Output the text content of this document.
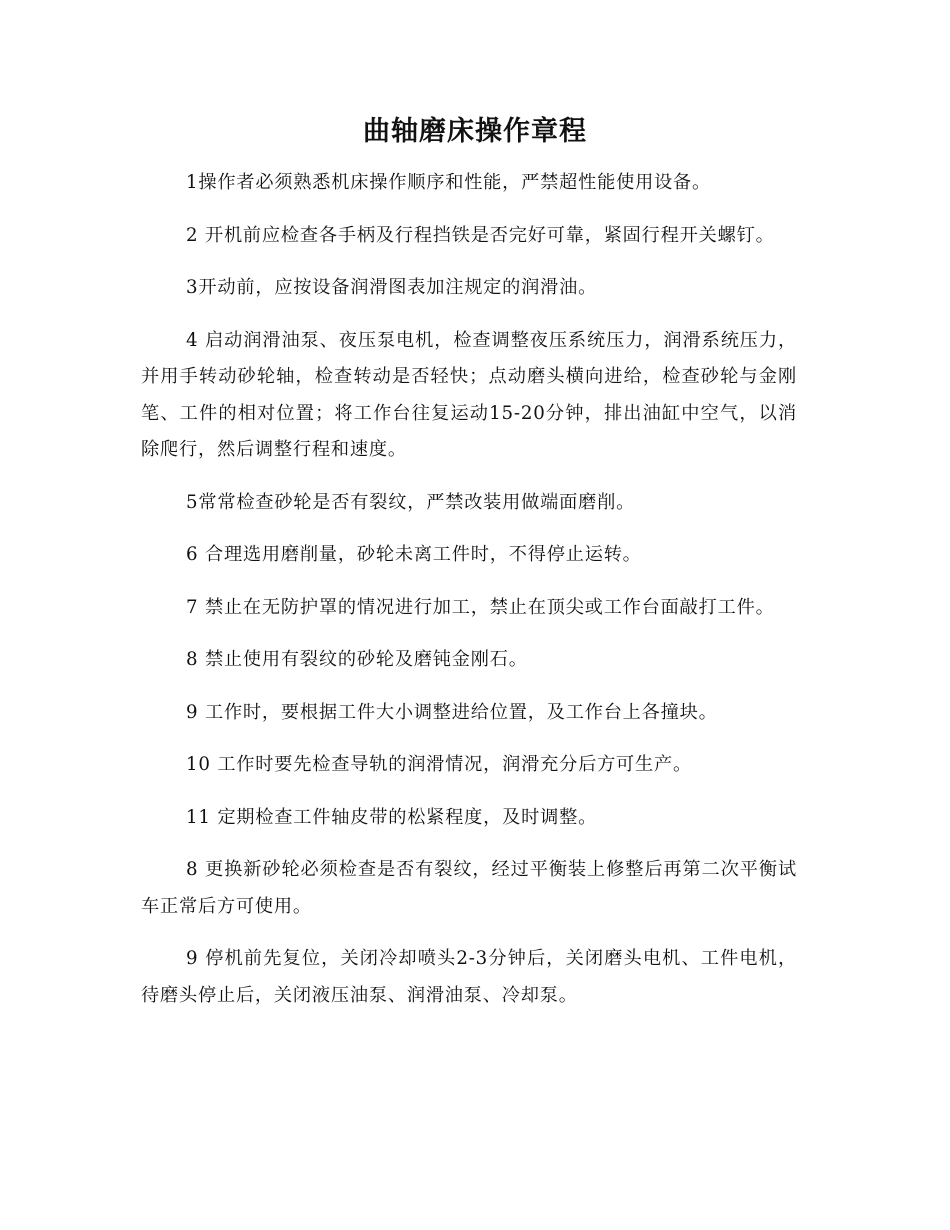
曲轴磨床操作章程

1操作者必须熟悉机床操作顺序和性能，严禁超性能使用设备。

2 开机前应检查各手柄及行程挡铁是否完好可靠，紧固行程开关螺钉。

3开动前，应按设备润滑图表加注规定的润滑油。

4 启动润滑油泵、夜压泵电机，检查调整夜压系统压力，润滑系统压力，并用手转动砂轮轴，检查转动是否轻快；点动磨头横向进给，检查砂轮与金刚笔、工件的相对位置；将工作台往复运动15-20分钟，排出油缸中空气，以消除爬行，然后调整行程和速度。

5常常检查砂轮是否有裂纹，严禁改装用做端面磨削。

6 合理选用磨削量，砂轮未离工件时，不得停止运转。

7 禁止在无防护罩的情况进行加工，禁止在顶尖或工作台面敲打工件。

8 禁止使用有裂纹的砂轮及磨钝金刚石。

9 工作时，要根据工件大小调整进给位置，及工作台上各撞块。

10 工作时要先检查导轨的润滑情况，润滑充分后方可生产。

11 定期检查工件轴皮带的松紧程度，及时调整。

8 更换新砂轮必须检查是否有裂纹，经过平衡装上修整后再第二次平衡试车正常后方可使用。

9 停机前先复位，关闭冷却喷头2-3分钟后，关闭磨头电机、工件电机，待磨头停止后，关闭液压油泵、润滑油泵、冷却泵。
